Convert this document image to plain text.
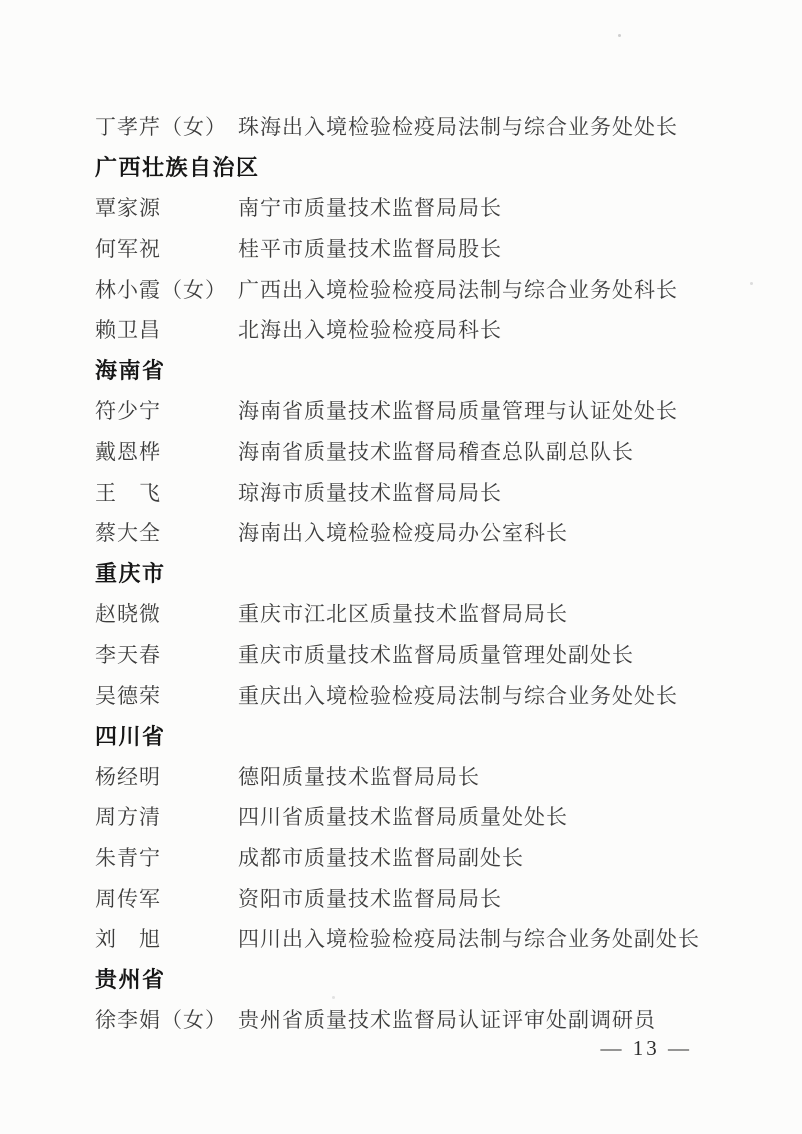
丁孝芹（女） 珠海出入境检验检疫局法制与综合业务处处长
广西壮族自治区
覃家源	南宁市质量技术监督局局长
何军祝	桂平市质量技术监督局股长
林小霞（女） 广西出入境检验检疫局法制与综合业务处科长
赖卫昌	北海出入境检验检疫局科长
海南省
符少宁	海南省质量技术监督局质量管理与认证处处长
戴恩桦	海南省质量技术监督局稽查总队副总队长
王　飞	琼海市质量技术监督局局长
蔡大全	海南出入境检验检疫局办公室科长
重庆市
赵晓微	重庆市江北区质量技术监督局局长
李天春	重庆市质量技术监督局质量管理处副处长
吴德荣	重庆出入境检验检疫局法制与综合业务处处长
四川省
杨经明	德阳质量技术监督局局长
周方清	四川省质量技术监督局质量处处长
朱青宁	成都市质量技术监督局副处长
周传军	资阳市质量技术监督局局长
刘　旭	四川出入境检验检疫局法制与综合业务处副处长
贵州省
徐李娟（女） 贵州省质量技术监督局认证评审处副调研员
— 13 —
